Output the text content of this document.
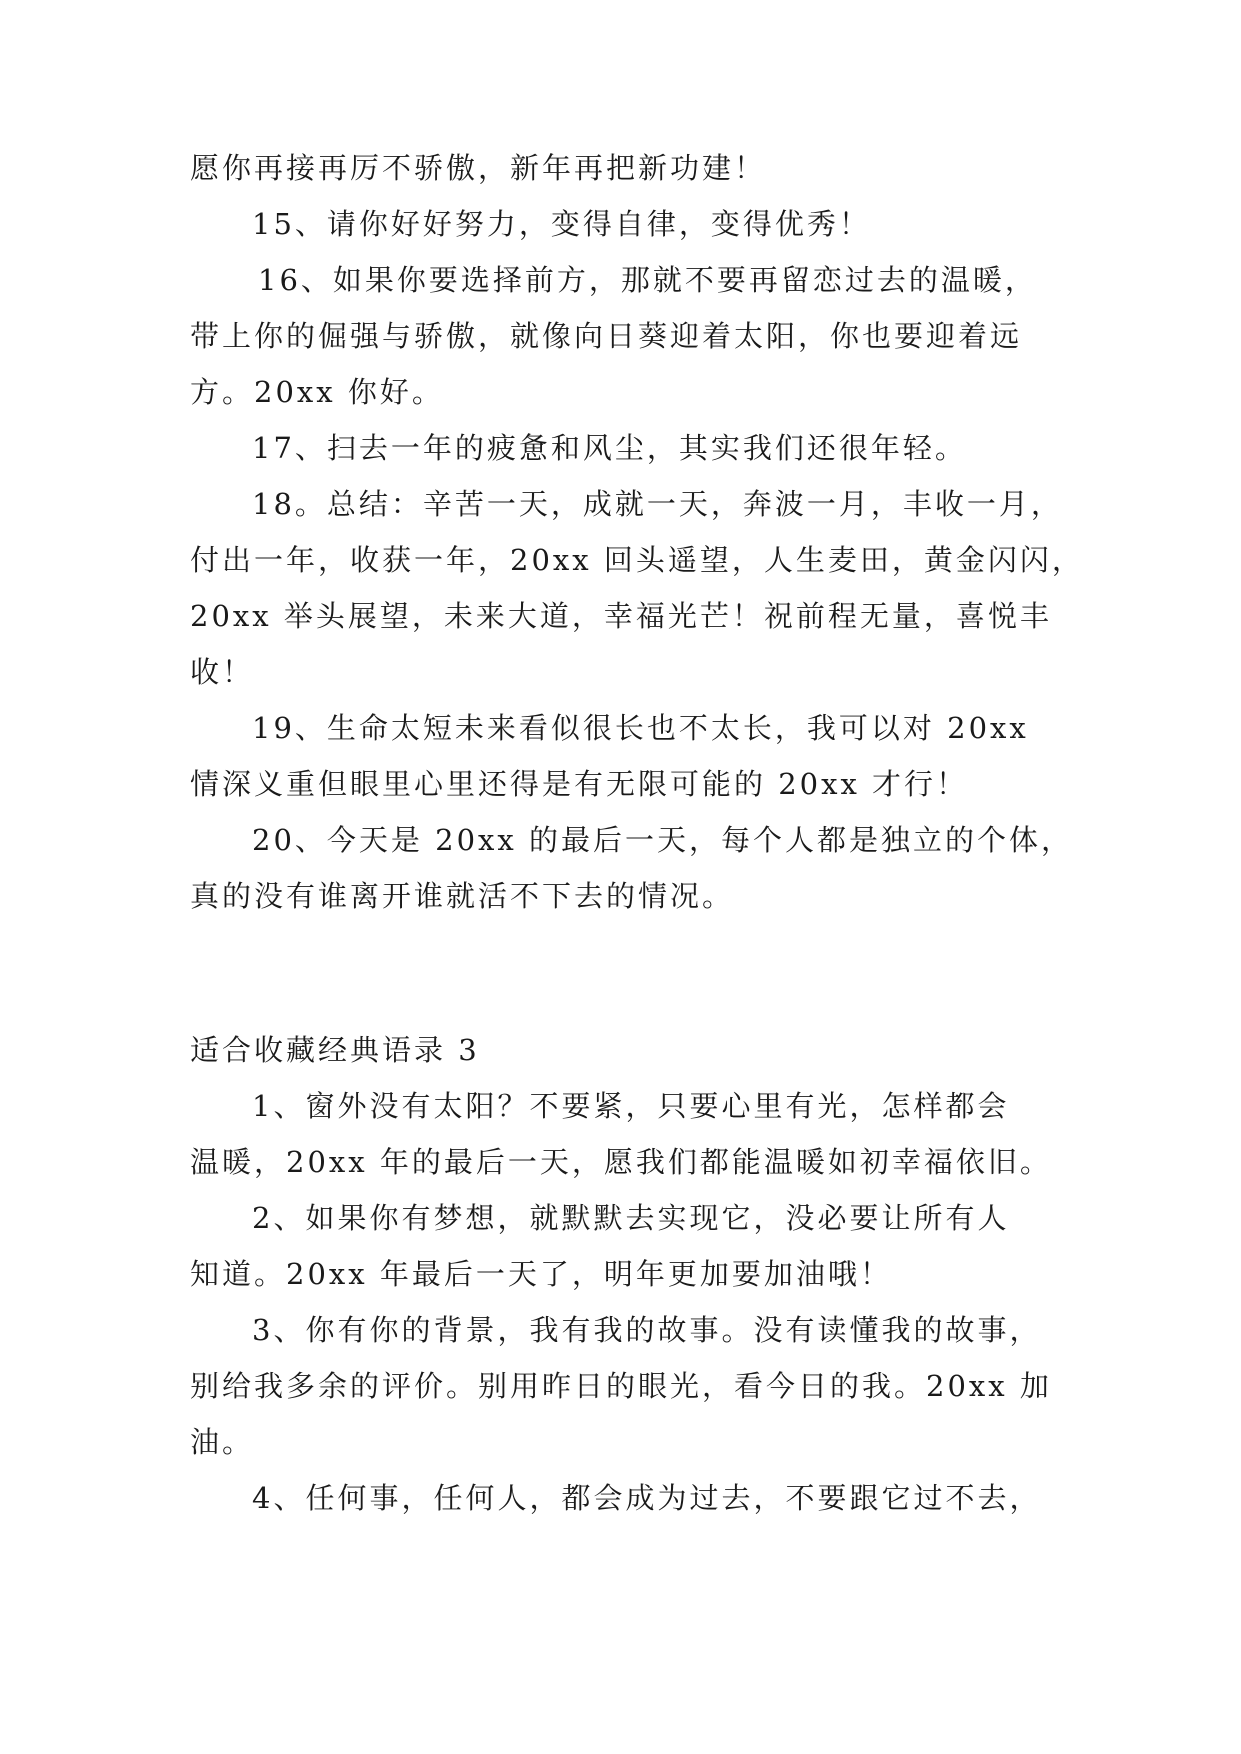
愿你再接再厉不骄傲，新年再把新功建！
15、请你好好努力，变得自律，变得优秀！
16、如果你要选择前方，那就不要再留恋过去的温暖，
带上你的倔强与骄傲，就像向日葵迎着太阳，你也要迎着远
方。20xx 你好。
17、扫去一年的疲惫和风尘，其实我们还很年轻。
18。总结：辛苦一天，成就一天，奔波一月，丰收一月，
付出一年，收获一年，20xx 回头遥望，人生麦田，黄金闪闪，
20xx 举头展望，未来大道，幸福光芒！祝前程无量，喜悦丰
收！
19、生命太短未来看似很长也不太长，我可以对 20xx
情深义重但眼里心里还得是有无限可能的 20xx 才行！
20、今天是 20xx 的最后一天，每个人都是独立的个体，
真的没有谁离开谁就活不下去的情况。
适合收藏经典语录 3
1、窗外没有太阳？不要紧，只要心里有光，怎样都会
温暖，20xx 年的最后一天，愿我们都能温暖如初幸福依旧。
2、如果你有梦想，就默默去实现它，没必要让所有人
知道。20xx 年最后一天了，明年更加要加油哦！
3、你有你的背景，我有我的故事。没有读懂我的故事，
别给我多余的评价。别用昨日的眼光，看今日的我。20xx 加
油。
4、任何事，任何人，都会成为过去，不要跟它过不去，
